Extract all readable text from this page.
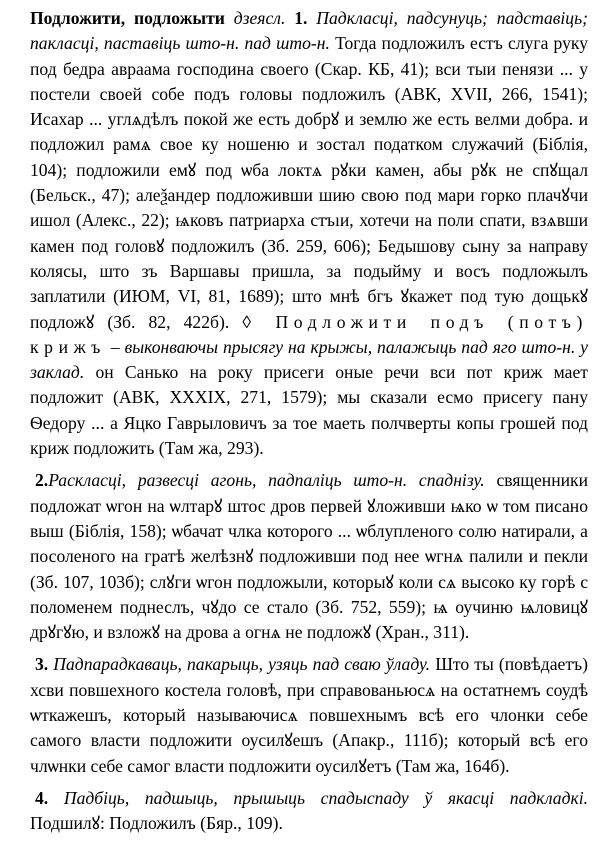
Подложити, подложыти дзеясл. 1. Падкласці, падсунуць; падставіць; пакласці, паставіць што-н. пад што-н. Тогда подложилъ естъ слуга руку под бедра авраама господина своего (Скар. КБ, 41); вси тыи пенязи ... у постели своей собе подъ головы подложилъ (АВК, XVII, 266, 1541); Исахар ... углѧдѣлъ покой же есть добрꙋ и землю же есть велми добра. и подложил рамѧ свое ку ношеню и зостал податком служачий (Біблія, 104); подложили емꙋ под ѡба локтѧ рꙋки камен, абы рꙋк не спꙋщал (Бельск., 47); алеѯандер подложивши шию свою под мари горко плачꙋчи ишол (Алекс., 22); ѩковъ патриарха стъıи, хотечи на поли спати, взѧвши камен под головꙋ подложилъ (Зб. 259, 606); Бедышову сыну за направу колясы, што зъ Варшавы пришла, за подыйму и восъ подложылъ заплатили (ИЮМ, VI, 81, 1689); што мнѣ бгъ ꙋкажет под тую дощькꙋ подложꙋ (Зб. 82, 422б). ◊ Подложити подъ (потъ) крижъ – выконваючы прысягу на крыжы, палажыць пад яго што-н. у заклад. он Санько на року присеги оные речи вси пот криж мает подложит (АВК, XXXIX, 271, 1579); мы сказали есмо присегу пану Ѳедору ... а Яцко Гаврыловичъ за тое маеть полчверты копы грошей под криж подложить (Там жа, 293).

2.Раскласці, развесці агонь, падпаліць што-н. спаднізу. священники подложат ѡгон на ѡлтарꙋ штос дров первей ꙋложивши ѩко ѡ том писано выш (Біблія, 158); ѡбачат члка которого ... ѡблупленого солю натирали, а посоленого на гратѣ желѣзнꙋ подложивши под нее ѡгнѧ палили и пекли (Зб. 107, 103б); слꙋги ѡгон подложыли, которыꙋ коли сѧ высоко ку горѣ с поломенем поднеслъ, чꙋдо се стало (Зб. 752, 559); ѩ оучиню ѩловицꙋ дрꙋгꙋю, и взложꙋ на дрова а огнѧ не подложꙋ (Хран., 311).

3. Падпарадкаваць, пакарыць, узяць пад сваю ўладу. Што ты (повѣдаетъ) хсви повшехного костела головѣ, при справованьюсѧ на остатнемъ соудѣ ѡткажешъ, который называючисѧ повшехнымъ всѣ его члонки себе самого власти подложити оусилꙋешъ (Апакр., 111б); который всѣ его члѡнки себе самог власти подложити оусилꙋетъ (Там жа, 164б).

4. Падбіць, падшыць, прышыць спадыспаду ў якасці падкладкі. Подшилꙋ: Подложилъ (Бяр., 109).
